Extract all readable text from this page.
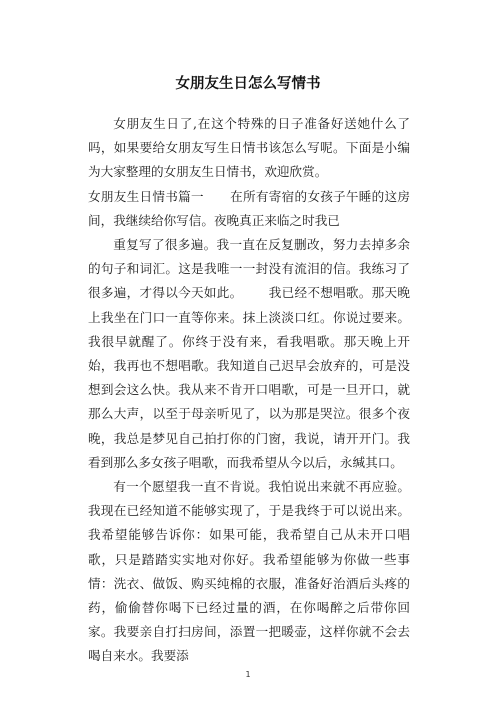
女朋友生日怎么写情书

女朋友生日了,在这个特殊的日子准备好送她什么了吗，如果要给女朋友写生日情书该怎么写呢。下面是小编为大家整理的女朋友生日情书，欢迎欣赏。

女朋友生日情书篇一 在所有寄宿的女孩子午睡的这房间，我继续给你写信。夜晚真正来临之时我已

重复写了很多遍。我一直在反复删改，努力去掉多余的句子和词汇。这是我唯一一封没有流泪的信。我练习了很多遍，才得以今天如此。 我已经不想唱歌。那天晚上我坐在门口一直等你来。抹上淡淡口红。你说过要来。我很早就醒了。你终于没有来，看我唱歌。那天晚上开始，我再也不想唱歌。我知道自己迟早会放弃的，可是没想到会这么快。我从来不肯开口唱歌，可是一旦开口，就那么大声，以至于母亲听见了，以为那是哭泣。很多个夜晚，我总是梦见自己拍打你的门窗，我说，请开开门。我看到那么多女孩子唱歌，而我希望从今以后，永缄其口。

有一个愿望我一直不肯说。我怕说出来就不再应验。我现在已经知道不能够实现了，于是我终于可以说出来。我希望能够告诉你：如果可能，我希望自己从未开口唱歌，只是踏踏实实地对你好。我希望能够为你做一些事情：洗衣、做饭、购买纯棉的衣服，准备好治酒后头疼的药，偷偷替你喝下已经过量的酒，在你喝醉之后带你回家。我要亲自打扫房间，添置一把暖壶，这样你就不会去喝自来水。我要添

1
